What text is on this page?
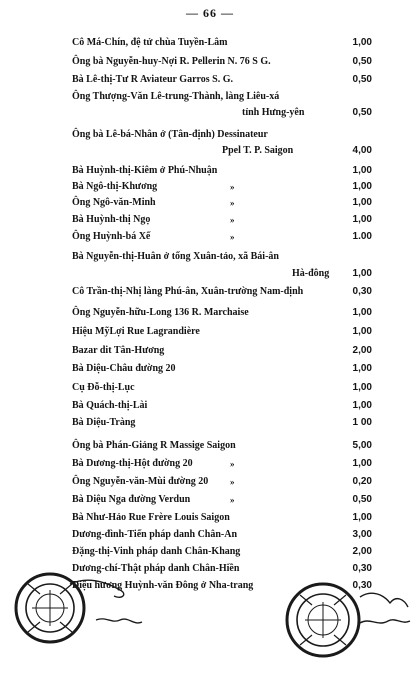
— 66 —
Cô Má-Chín, đệ tử chùa Tuyền-Lâm	1,00
Ông bà Nguyễn-huy-Nợi R. Pellerin N. 76 S G.	0,50
Bà Lê-thị-Tư R Aviateur Garros S. G.	0,50
Ông Thượng-Văn Lê-trung-Thành, làng Liêu-xá
tỉnh Hưng-yên	0,50
Ông bà Lê-bá-Nhân ở (Tân-định) Dessinateur
Ppel T. P. Saigon	4,00
Bà Huỳnh-thị-Kiêm ở Phú-Nhuận	1,00
Bà Ngô-thị-Khương	»	1,00
Ông Ngô-văn-Minh	»	1,00
Bà Huỳnh-thị Ngọ	»	1,00
Ông Huỳnh-bá Xế	»	1.00
Bà Nguyễn-thị-Huân ở tổng Xuân-tảo, xã Bái-ân
Hà-đông	1,00
Cô Trần-thị-Nhị làng Phú-ân, Xuân-trường Nam-định	0,30
Ông Nguyễn-hữu-Long 136 R. Marchaise	1,00
Hiệu MỹLợi Rue Lagrandière	1,00
Bazar dit Tân-Hương	2,00
Bà Diệu-Châu đường 20	1,00
Cụ Đỗ-thị-Lục	1,00
Bà Quách-thị-Lài	1,00
Bà Diệu-Tràng	1 00
Ông bà Phán-Giảng R Massige Saigon	5,00
Bà Dương-thị-Hột đường 20	»	1,00
Ông Nguyễn-văn-Mùi đường 20 »	0,20
Bà Diệu Nga đường Verdun	»	0,50
Bà Như-Hảo Rue Frère Louis Saigon	1,00
Dương-đình-Tiến pháp danh Chân-An	3,00
Đặng-thị-Vinh pháp danh Chân-Khang	2,00
Dương-chí-Thật pháp danh Chân-Hiền	0,30
Diệu hương Huỳnh-văn Đông ở Nha-trang	0,30
